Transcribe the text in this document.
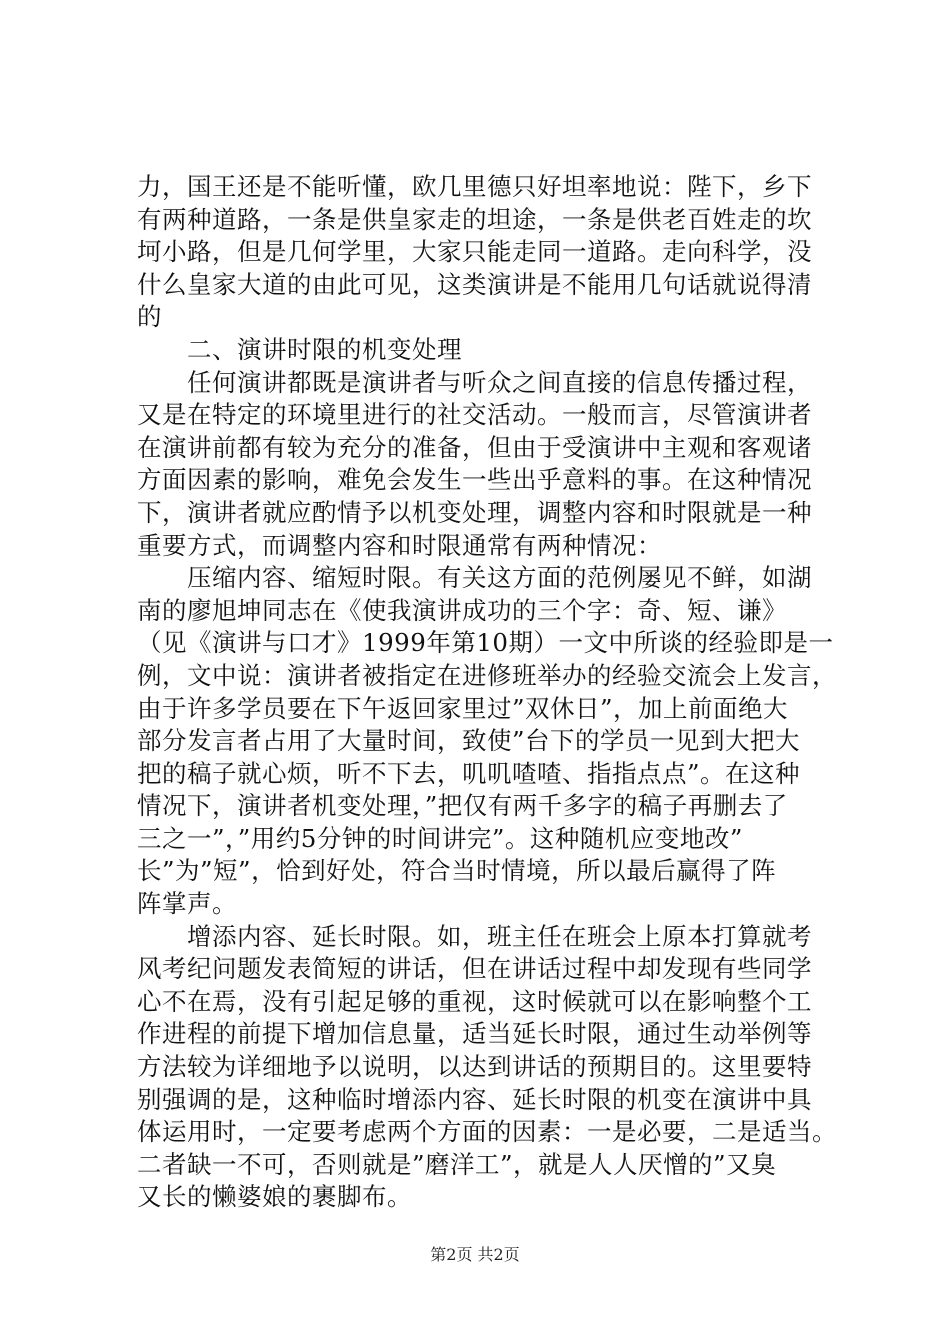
力，国王还是不能听懂，欧几里德只好坦率地说：陛下，乡下
有两种道路，一条是供皇家走的坦途，一条是供老百姓走的坎
坷小路，但是几何学里，大家只能走同一道路。走向科学，没
什么皇家大道的由此可见，这类演讲是不能用几句话就说得清
的
　　二、演讲时限的机变处理
　　任何演讲都既是演讲者与听众之间直接的信息传播过程，
又是在特定的环境里进行的社交活动。一般而言，尽管演讲者
在演讲前都有较为充分的准备，但由于受演讲中主观和客观诸
方面因素的影响，难免会发生一些出乎意料的事。在这种情况
下，演讲者就应酌情予以机变处理，调整内容和时限就是一种
重要方式，而调整内容和时限通常有两种情况：
　　压缩内容、缩短时限。有关这方面的范例屡见不鲜，如湖
南的廖旭坤同志在《使我演讲成功的三个字：奇、短、谦》
（见《演讲与口才》1999年第10期）一文中所谈的经验即是一
例，文中说：演讲者被指定在进修班举办的经验交流会上发言，
由于许多学员要在下午返回家里过”双休日”，加上前面绝大
部分发言者占用了大量时间，致使”台下的学员一见到大把大
把的稿子就心烦，听不下去，叽叽喳喳、指指点点”。在这种
情况下，演讲者机变处理，”把仅有两千多字的稿子再删去了
三之一”，”用约5分钟的时间讲完”。这种随机应变地改”
长”为”短”，恰到好处，符合当时情境，所以最后赢得了阵
阵掌声。
　　增添内容、延长时限。如，班主任在班会上原本打算就考
风考纪问题发表简短的讲话，但在讲话过程中却发现有些同学
心不在焉，没有引起足够的重视，这时候就可以在影响整个工
作进程的前提下增加信息量，适当延长时限，通过生动举例等
方法较为详细地予以说明，以达到讲话的预期目的。这里要特
别强调的是，这种临时增添内容、延长时限的机变在演讲中具
体运用时，一定要考虑两个方面的因素：一是必要，二是适当。
二者缺一不可，否则就是”磨洋工”，就是人人厌憎的”又臭
又长的懒婆娘的裹脚布。
第2页 共2页
